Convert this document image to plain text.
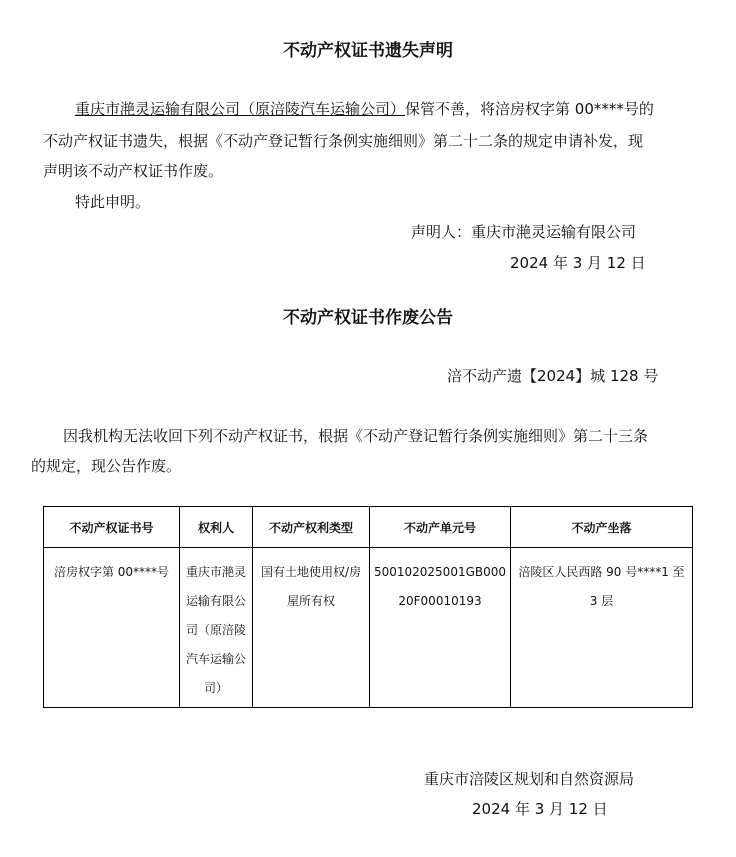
不动产权证书遗失声明
重庆市滟灵运输有限公司（原涪陵汽车运输公司）保管不善，将涪房权字第 00****号的
不动产权证书遗失，根据《不动产登记暂行条例实施细则》第二十二条的规定申请补发，现
声明该不动产权证书作废。
特此申明。
声明人：重庆市滟灵运输有限公司
2024 年 3 月 12 日
不动产权证书作废公告
涪不动产遗【2024】城 128 号
因我机构无法收回下列不动产权证书，根据《不动产登记暂行条例实施细则》第二十三条
的规定，现公告作废。
不动产权证书号	权利人	不动产权利类型	不动产单元号	不动产坐落
涪房权字第 00****号	重庆市滟灵运输有限公司（原涪陵汽车运输公司）	国有土地使用权/房屋所有权	500102025001GB00020F00010193	涪陵区人民西路 90 号****1 至 3 层
重庆市涪陵区规划和自然资源局
2024 年 3 月 12 日
